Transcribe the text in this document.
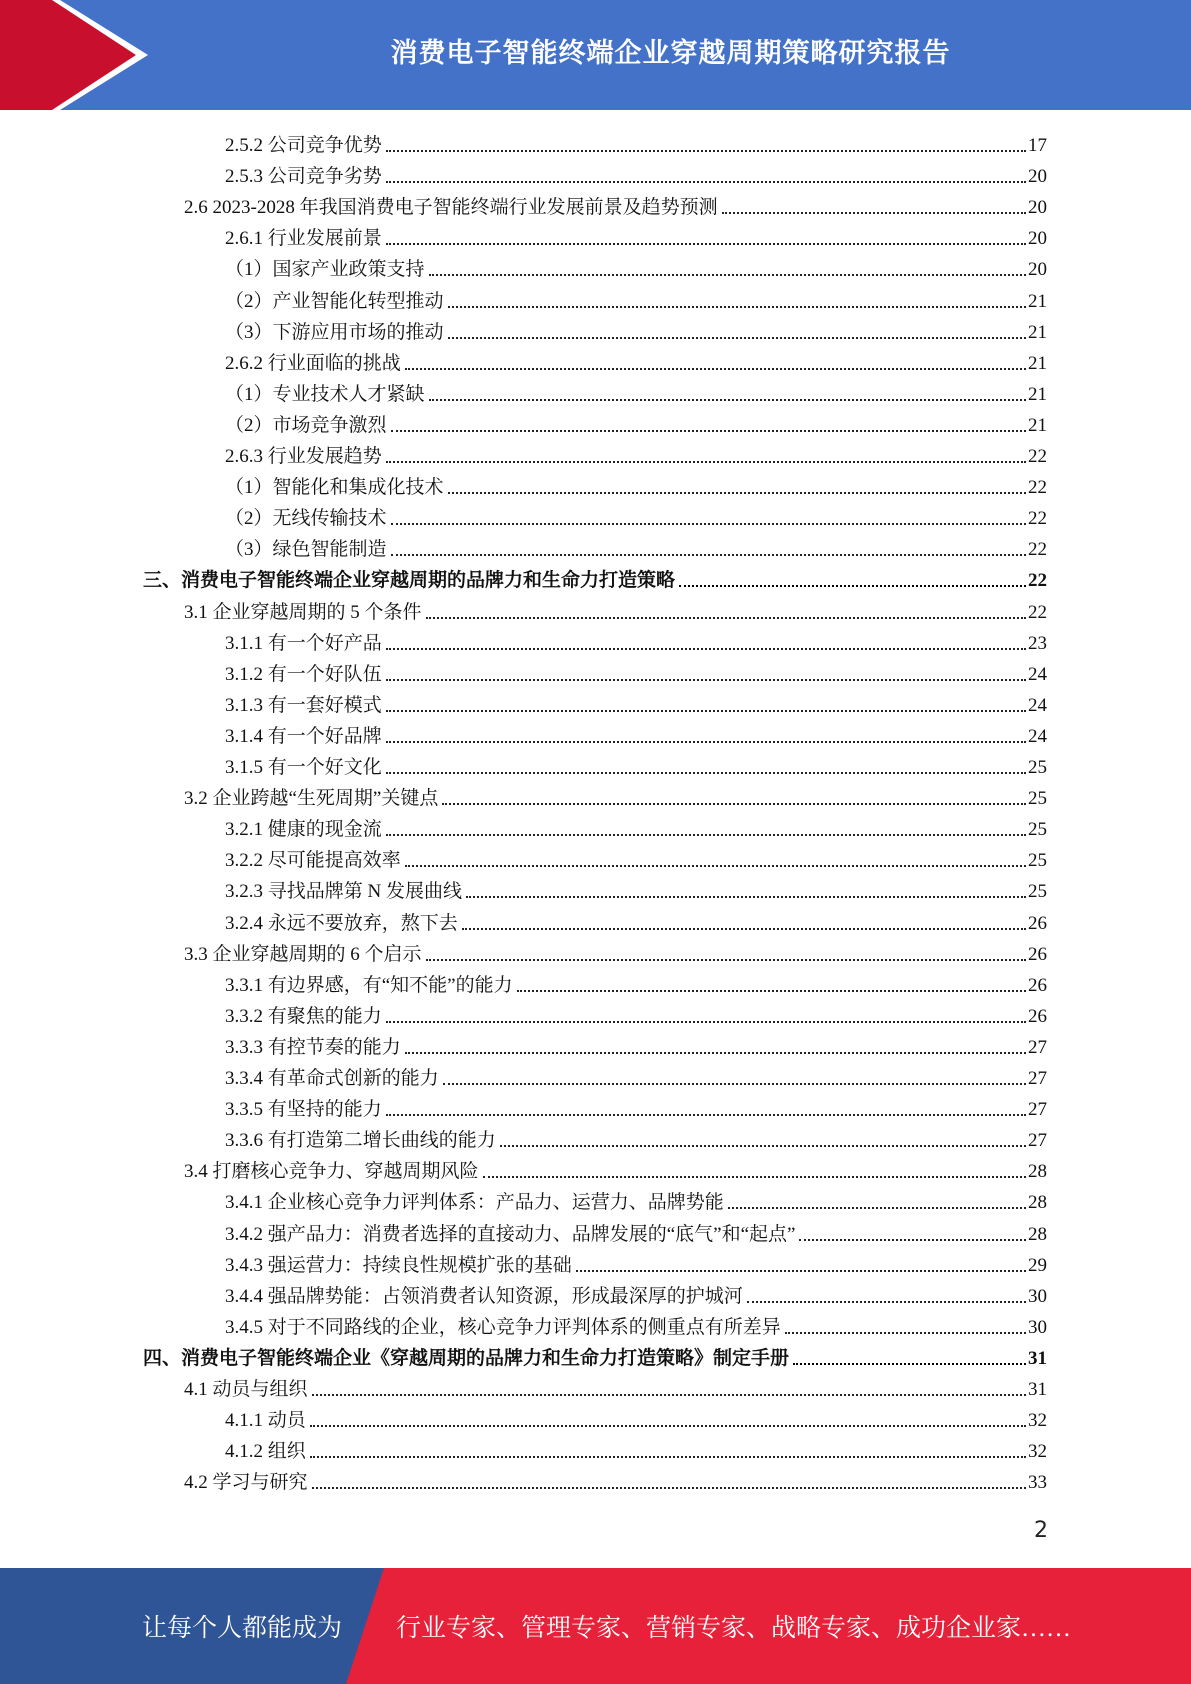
消费电子智能终端企业穿越周期策略研究报告
2.5.2 公司竞争优势	17
2.5.3 公司竞争劣势	20
2.6 2023-2028 年我国消费电子智能终端行业发展前景及趋势预测	20
2.6.1 行业发展前景	20
（1）国家产业政策支持	20
（2）产业智能化转型推动	21
（3）下游应用市场的推动	21
2.6.2 行业面临的挑战	21
（1）专业技术人才紧缺	21
（2）市场竞争激烈	21
2.6.3 行业发展趋势	22
（1）智能化和集成化技术	22
（2）无线传输技术	22
（3）绿色智能制造	22
三、消费电子智能终端企业穿越周期的品牌力和生命力打造策略	22
3.1 企业穿越周期的 5 个条件	22
3.1.1 有一个好产品	23
3.1.2 有一个好队伍	24
3.1.3 有一套好模式	24
3.1.4 有一个好品牌	24
3.1.5 有一个好文化	25
3.2 企业跨越“生死周期”关键点	25
3.2.1 健康的现金流	25
3.2.2 尽可能提高效率	25
3.2.3 寻找品牌第 N 发展曲线	25
3.2.4 永远不要放弃，熬下去	26
3.3 企业穿越周期的 6 个启示	26
3.3.1 有边界感，有“知不能”的能力	26
3.3.2 有聚焦的能力	26
3.3.3 有控节奏的能力	27
3.3.4 有革命式创新的能力	27
3.3.5 有坚持的能力	27
3.3.6 有打造第二增长曲线的能力	27
3.4 打磨核心竞争力、穿越周期风险	28
3.4.1 企业核心竞争力评判体系：产品力、运营力、品牌势能	28
3.4.2 强产品力：消费者选择的直接动力、品牌发展的“底气”和“起点”	28
3.4.3 强运营力：持续良性规模扩张的基础	29
3.4.4 强品牌势能：占领消费者认知资源，形成最深厚的护城河	30
3.4.5 对于不同路线的企业，核心竞争力评判体系的侧重点有所差异	30
四、消费电子智能终端企业《穿越周期的品牌力和生命力打造策略》制定手册	31
4.1 动员与组织	31
4.1.1 动员	32
4.1.2 组织	32
4.2 学习与研究	33
2
让每个人都能成为 行业专家、管理专家、营销专家、战略专家、成功企业家……
